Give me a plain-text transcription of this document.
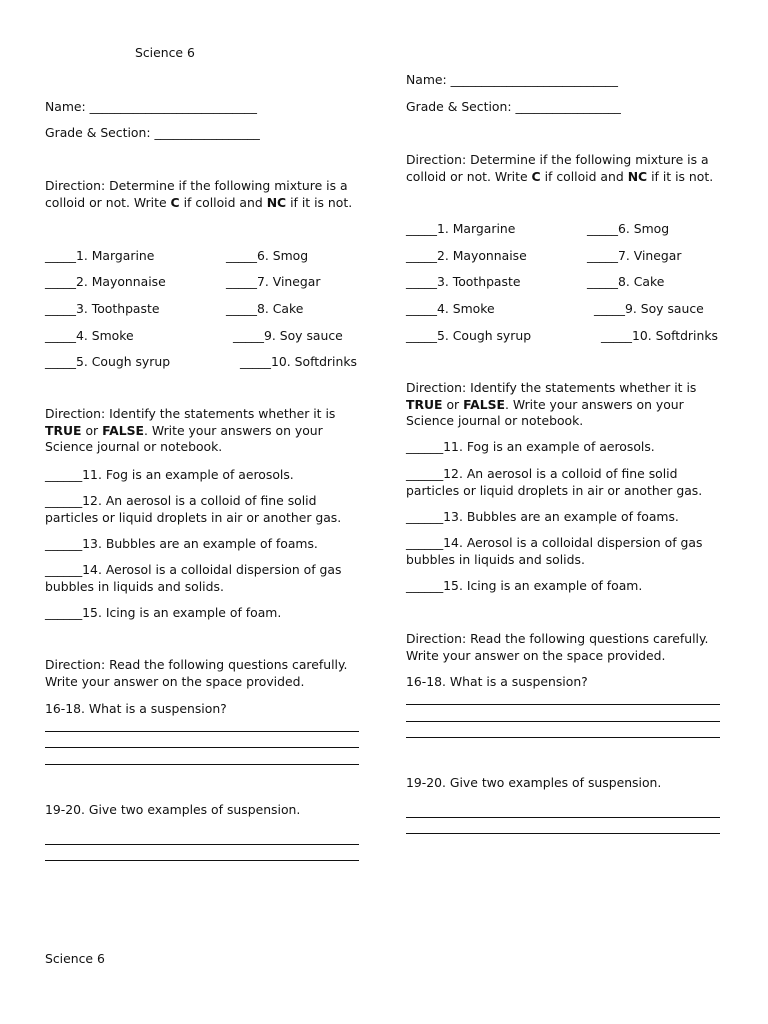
Science 6
Name: ___________________________
Grade & Section: _________________
Direction: Determine if the following mixture is a colloid or not. Write C if colloid and NC if it is not.
_____1. Margarine
_____2. Mayonnaise
_____3. Toothpaste
_____4. Smoke
_____5. Cough syrup
_____6. Smog
_____7. Vinegar
_____8. Cake
_____9. Soy sauce
_____10. Softdrinks
Direction: Identify the statements whether it is TRUE or FALSE. Write your answers on your Science journal or notebook.
______11. Fog is an example of aerosols.
______12. An aerosol is a colloid of fine solid particles or liquid droplets in air or another gas.
______13. Bubbles are an example of foams.
______14. Aerosol is a colloidal dispersion of gas bubbles in liquids and solids.
______15. Icing is an example of foam.
Direction: Read the following questions carefully. Write your answer on the space provided.
16-18. What is a suspension?
19-20. Give two examples of suspension.
Science 6
Name: ___________________________
Grade & Section: _________________
Direction: Determine if the following mixture is a colloid or not. Write C if colloid and NC if it is not.
_____1. Margarine
_____2. Mayonnaise
_____3. Toothpaste
_____4. Smoke
_____5. Cough syrup
_____6. Smog
_____7. Vinegar
_____8. Cake
_____9. Soy sauce
_____10. Softdrinks
Direction: Identify the statements whether it is TRUE or FALSE. Write your answers on your Science journal or notebook.
______11. Fog is an example of aerosols.
______12. An aerosol is a colloid of fine solid particles or liquid droplets in air or another gas.
______13. Bubbles are an example of foams.
______14. Aerosol is a colloidal dispersion of gas bubbles in liquids and solids.
______15. Icing is an example of foam.
Direction: Read the following questions carefully. Write your answer on the space provided.
16-18. What is a suspension?
19-20. Give two examples of suspension.
